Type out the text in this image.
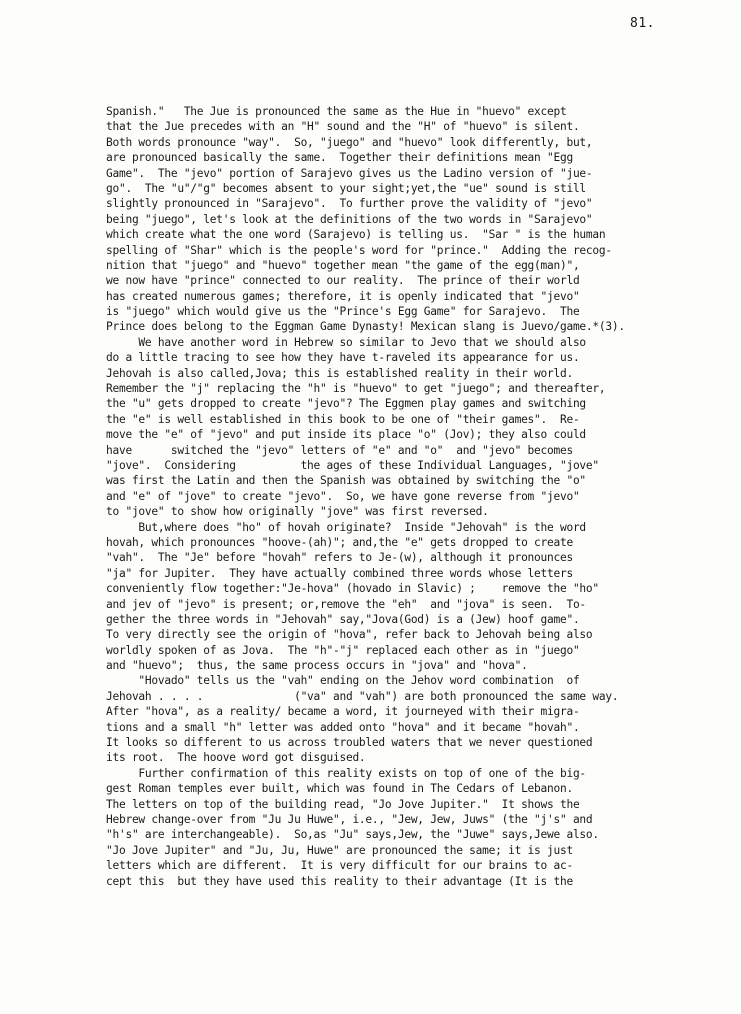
81.
Spanish."   The Jue is pronounced the same as the Hue in "huevo" except
that the Jue precedes with an "H" sound and the "H" of "huevo" is silent.
Both words pronounce "way".  So, "juego" and "huevo" look differently, but,
are pronounced basically the same.  Together their definitions mean "Egg
Game".  The "jevo" portion of Sarajevo gives us the Ladino version of "jue-
go".  The "u"/"g" becomes absent to your sight;yet,the "ue" sound is still
slightly pronounced in "Sarajevo".  To further prove the validity of "jevo"
being "juego", let's look at the definitions of the two words in "Sarajevo"
which create what the one word (Sarajevo) is telling us.  "Sar " is the human
spelling of "Shar" which is the people's word for "prince."  Adding the recog-
nition that "juego" and "huevo" together mean "the game of the egg(man)",
we now have "prince" connected to our reality.  The prince of their world
has created numerous games; therefore, it is openly indicated that "jevo"
is "juego" which would give us the "Prince's Egg Game" for Sarajevo.  The
Prince does belong to the Eggman Game Dynasty! Mexican slang is Juevo/game.*(3).
We have another word in Hebrew so similar to Jevo that we should also
do a little tracing to see how they have t-raveled its appearance for us.
Jehovah is also called,Jova; this is established reality in their world.
Remember the "j" replacing the "h" is "huevo" to get "juego"; and thereafter,
the "u" gets dropped to create "jevo"? The Eggmen play games and switching
the "e" is well established in this book to be one of "their games".  Re-
move the "e" of "jevo" and put inside its place "o" (Jov); they also could
have      switched the "jevo" letters of "e" and "o"  and "jevo" becomes
"jove".  Considering          the ages of these Individual Languages, "jove"
was first the Latin and then the Spanish was obtained by switching the "o"
and "e" of "jove" to create "jevo".  So, we have gone reverse from "jevo"
to "jove" to show how originally "jove" was first reversed.
But,where does "ho" of hovah originate?  Inside "Jehovah" is the word
hovah, which pronounces "hoove-(ah)"; and,the "e" gets dropped to create
"vah".  The "Je" before "hovah" refers to Je-(w), although it pronounces
"ja" for Jupiter.  They have actually combined three words whose letters
conveniently flow together:"Je-hova" (hovado in Slavic) ;    remove the "ho"
and jev of "jevo" is present; or,remove the "eh"  and "jova" is seen.  To-
gether the three words in "Jehovah" say,"Jova(God) is a (Jew) hoof game".
To very directly see the origin of "hova", refer back to Jehovah being also
worldly spoken of as Jova.  The "h"-"j" replaced each other as in "juego"
and "huevo";  thus, the same process occurs in "jova" and "hova".
"Hovado" tells us the "vah" ending on the Jehov word combination  of
Jehovah . . . .              ("va" and "vah") are both pronounced the same way.
After "hova", as a reality/ became a word, it journeyed with their migra-
tions and a small "h" letter was added onto "hova" and it became "hovah".
It looks so different to us across troubled waters that we never questioned
its root.  The hoove word got disguised.
Further confirmation of this reality exists on top of one of the big-
gest Roman temples ever built, which was found in The Cedars of Lebanon.
The letters on top of the building read, "Jo Jove Jupiter."  It shows the
Hebrew change-over from "Ju Ju Huwe", i.e., "Jew, Jew, Juws" (the "j's" and
"h's" are interchangeable).  So,as "Ju" says,Jew, the "Juwe" says,Jewe also.
"Jo Jove Jupiter" and "Ju, Ju, Huwe" are pronounced the same; it is just
letters which are different.  It is very difficult for our brains to ac-
cept this  but they have used this reality to their advantage (It is the
